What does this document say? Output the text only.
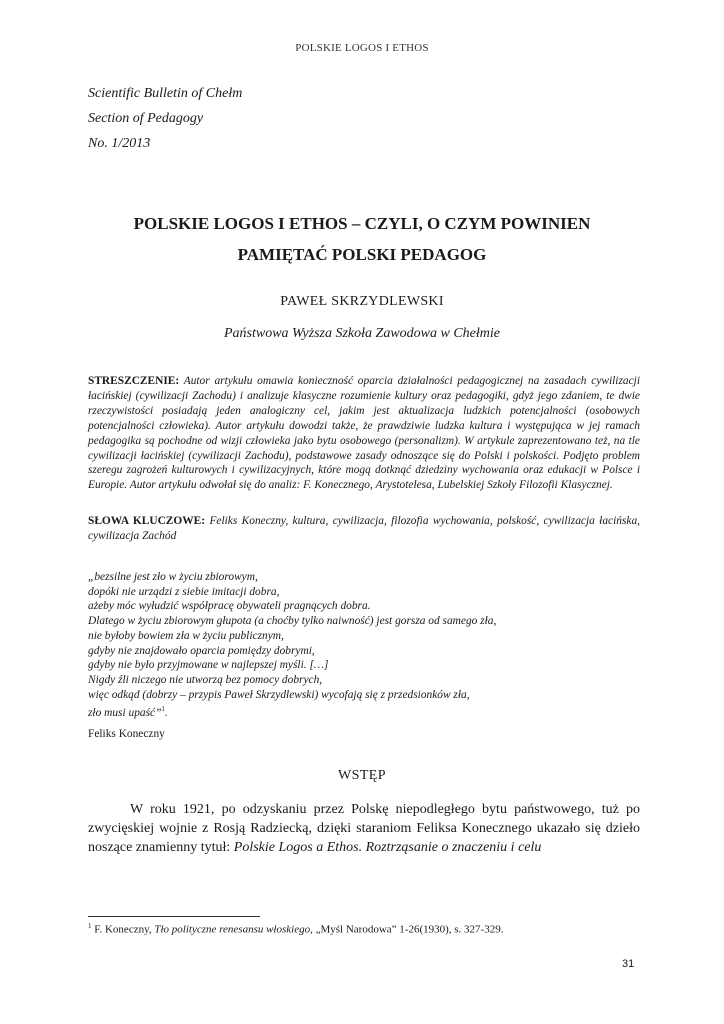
POLSKIE LOGOS I ETHOS
Scientific Bulletin of Chełm
Section of Pedagogy
No. 1/2013
POLSKIE LOGOS I ETHOS – CZYLI, O CZYM POWINIEN
PAMIĘTAĆ POLSKI PEDAGOG
PAWEŁ SKRZYDLEWSKI
Państwowa Wyższa Szkoła Zawodowa w Chełmie
STRESZCZENIE: Autor artykułu omawia konieczność oparcia działalności pedagogicznej na zasadach cywilizacji łacińskiej (cywilizacji Zachodu) i analizuje klasyczne rozumienie kultury oraz pedagogiki, gdyż jego zdaniem, te dwie rzeczywistości posiadają jeden analogiczny cel, jakim jest aktualizacja ludzkich potencjalności (osobowych potencjalności człowieka). Autor artykułu dowodzi także, że prawdziwie ludzka kultura i występująca w jej ramach pedagogika są pochodne od wizji człowieka jako bytu osobowego (personalizm). W artykule zaprezentowano też, na tle cywilizacji łacińskiej (cywilizacji Zachodu), podstawowe zasady odnoszące się do Polski i polskości. Podjęto problem szeregu zagrożeń kulturowych i cywilizacyjnych, które mogą dotknąć dziedziny wychowania oraz edukacji w Polsce i Europie. Autor artykułu odwołał się do analiz: F. Konecznego, Arystotelesa, Lubelskiej Szkoły Filozofii Klasycznej.
SŁOWA KLUCZOWE: Feliks Koneczny, kultura, cywilizacja, filozofia wychowania, polskość, cywilizacja łacińska, cywilizacja Zachód
„bezsilne jest zło w życiu zbiorowym,
dopóki nie urządzi z siebie imitacji dobra,
ażeby móc wyłudzić współpracę obywateli pragnących dobra.
Dlatego w życiu zbiorowym głupota (a choćby tylko naiwność) jest gorsza od samego zła,
nie byłoby bowiem zła w życiu publicznym,
gdyby nie znajdowało oparcia pomiędzy dobrymi,
gdyby nie było przyjmowane w najlepszej myśli. […]
Nigdy źli niczego nie utworzą bez pomocy dobrych,
więc odkąd (dobrzy – przypis Paweł Skrzydlewski) wycofają się z przedsionków zła,
zło musi upaść”$^1$.
Feliks Koneczny
WSTĘP
W roku 1921, po odzyskaniu przez Polskę niepodległego bytu państwowego, tuż po zwycięskiej wojnie z Rosją Radziecką, dzięki staraniom Feliksa Konecznego ukazało się dzieło noszące znamienny tytuł: Polskie Logos a Ethos. Roztrząsanie o znaczeniu i celu
$^1$ F. Koneczny, Tło polityczne renesansu włoskiego, „Myśl Narodowa” 1-26(1930), s. 327-329.
31
